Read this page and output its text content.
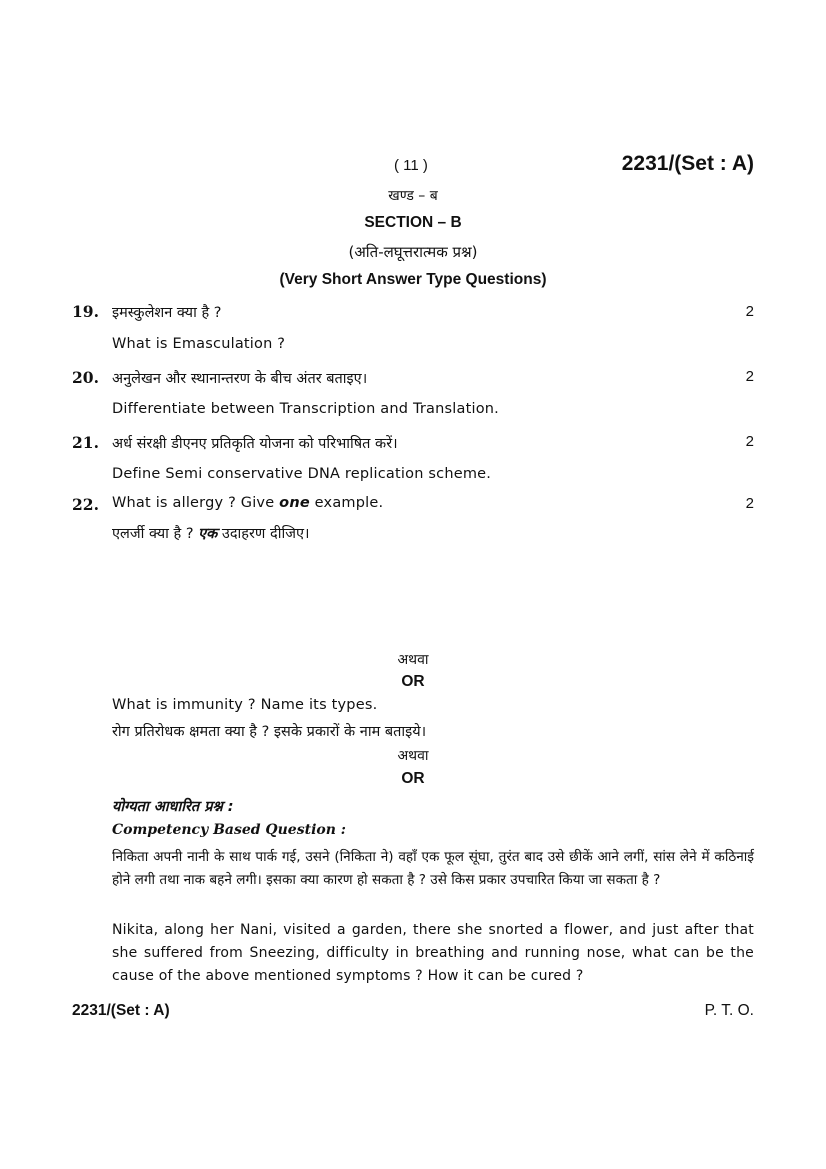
( 11 )	2231/(Set : A)
खण्ड – ब
SECTION – B
(अति-लघूत्तरात्मक प्रश्न)
(Very Short Answer Type Questions)
19. इमस्कुलेशन क्या है ?	2
What is Emasculation ?
20. अनुलेखन और स्थानान्तरण के बीच अंतर बताइए।	2
Differentiate between Transcription and Translation.
21. अर्ध संरक्षी डीएनए प्रतिकृति योजना को परिभाषित करें।	2
Define Semi conservative DNA replication scheme.
22. What is allergy ? Give one example.	2
एलर्जी क्या है ? एक उदाहरण दीजिए।
अथवा
OR
What is immunity ? Name its types.
रोग प्रतिरोधक क्षमता क्या है ? इसके प्रकारों के नाम बताइये।
अथवा
OR
योग्यता आधारित प्रश्न :
Competency Based Question :
निकिता अपनी नानी के साथ पार्क गई, उसने (निकिता ने) वहाँ एक फूल सूंघा, तुरंत बाद उसे छीकें आने लगीं, सांस लेने में कठिनाई होने लगी तथा नाक बहने लगी। इसका क्या कारण हो सकता है ? उसे किस प्रकार उपचारित किया जा सकता है ?
Nikita, along her Nani, visited a garden, there she snorted a flower, and just after that she suffered from Sneezing, difficulty in breathing and running nose, what can be the cause of the above mentioned symptoms ? How it can be cured ?
2231/(Set : A)	P. T. O.
